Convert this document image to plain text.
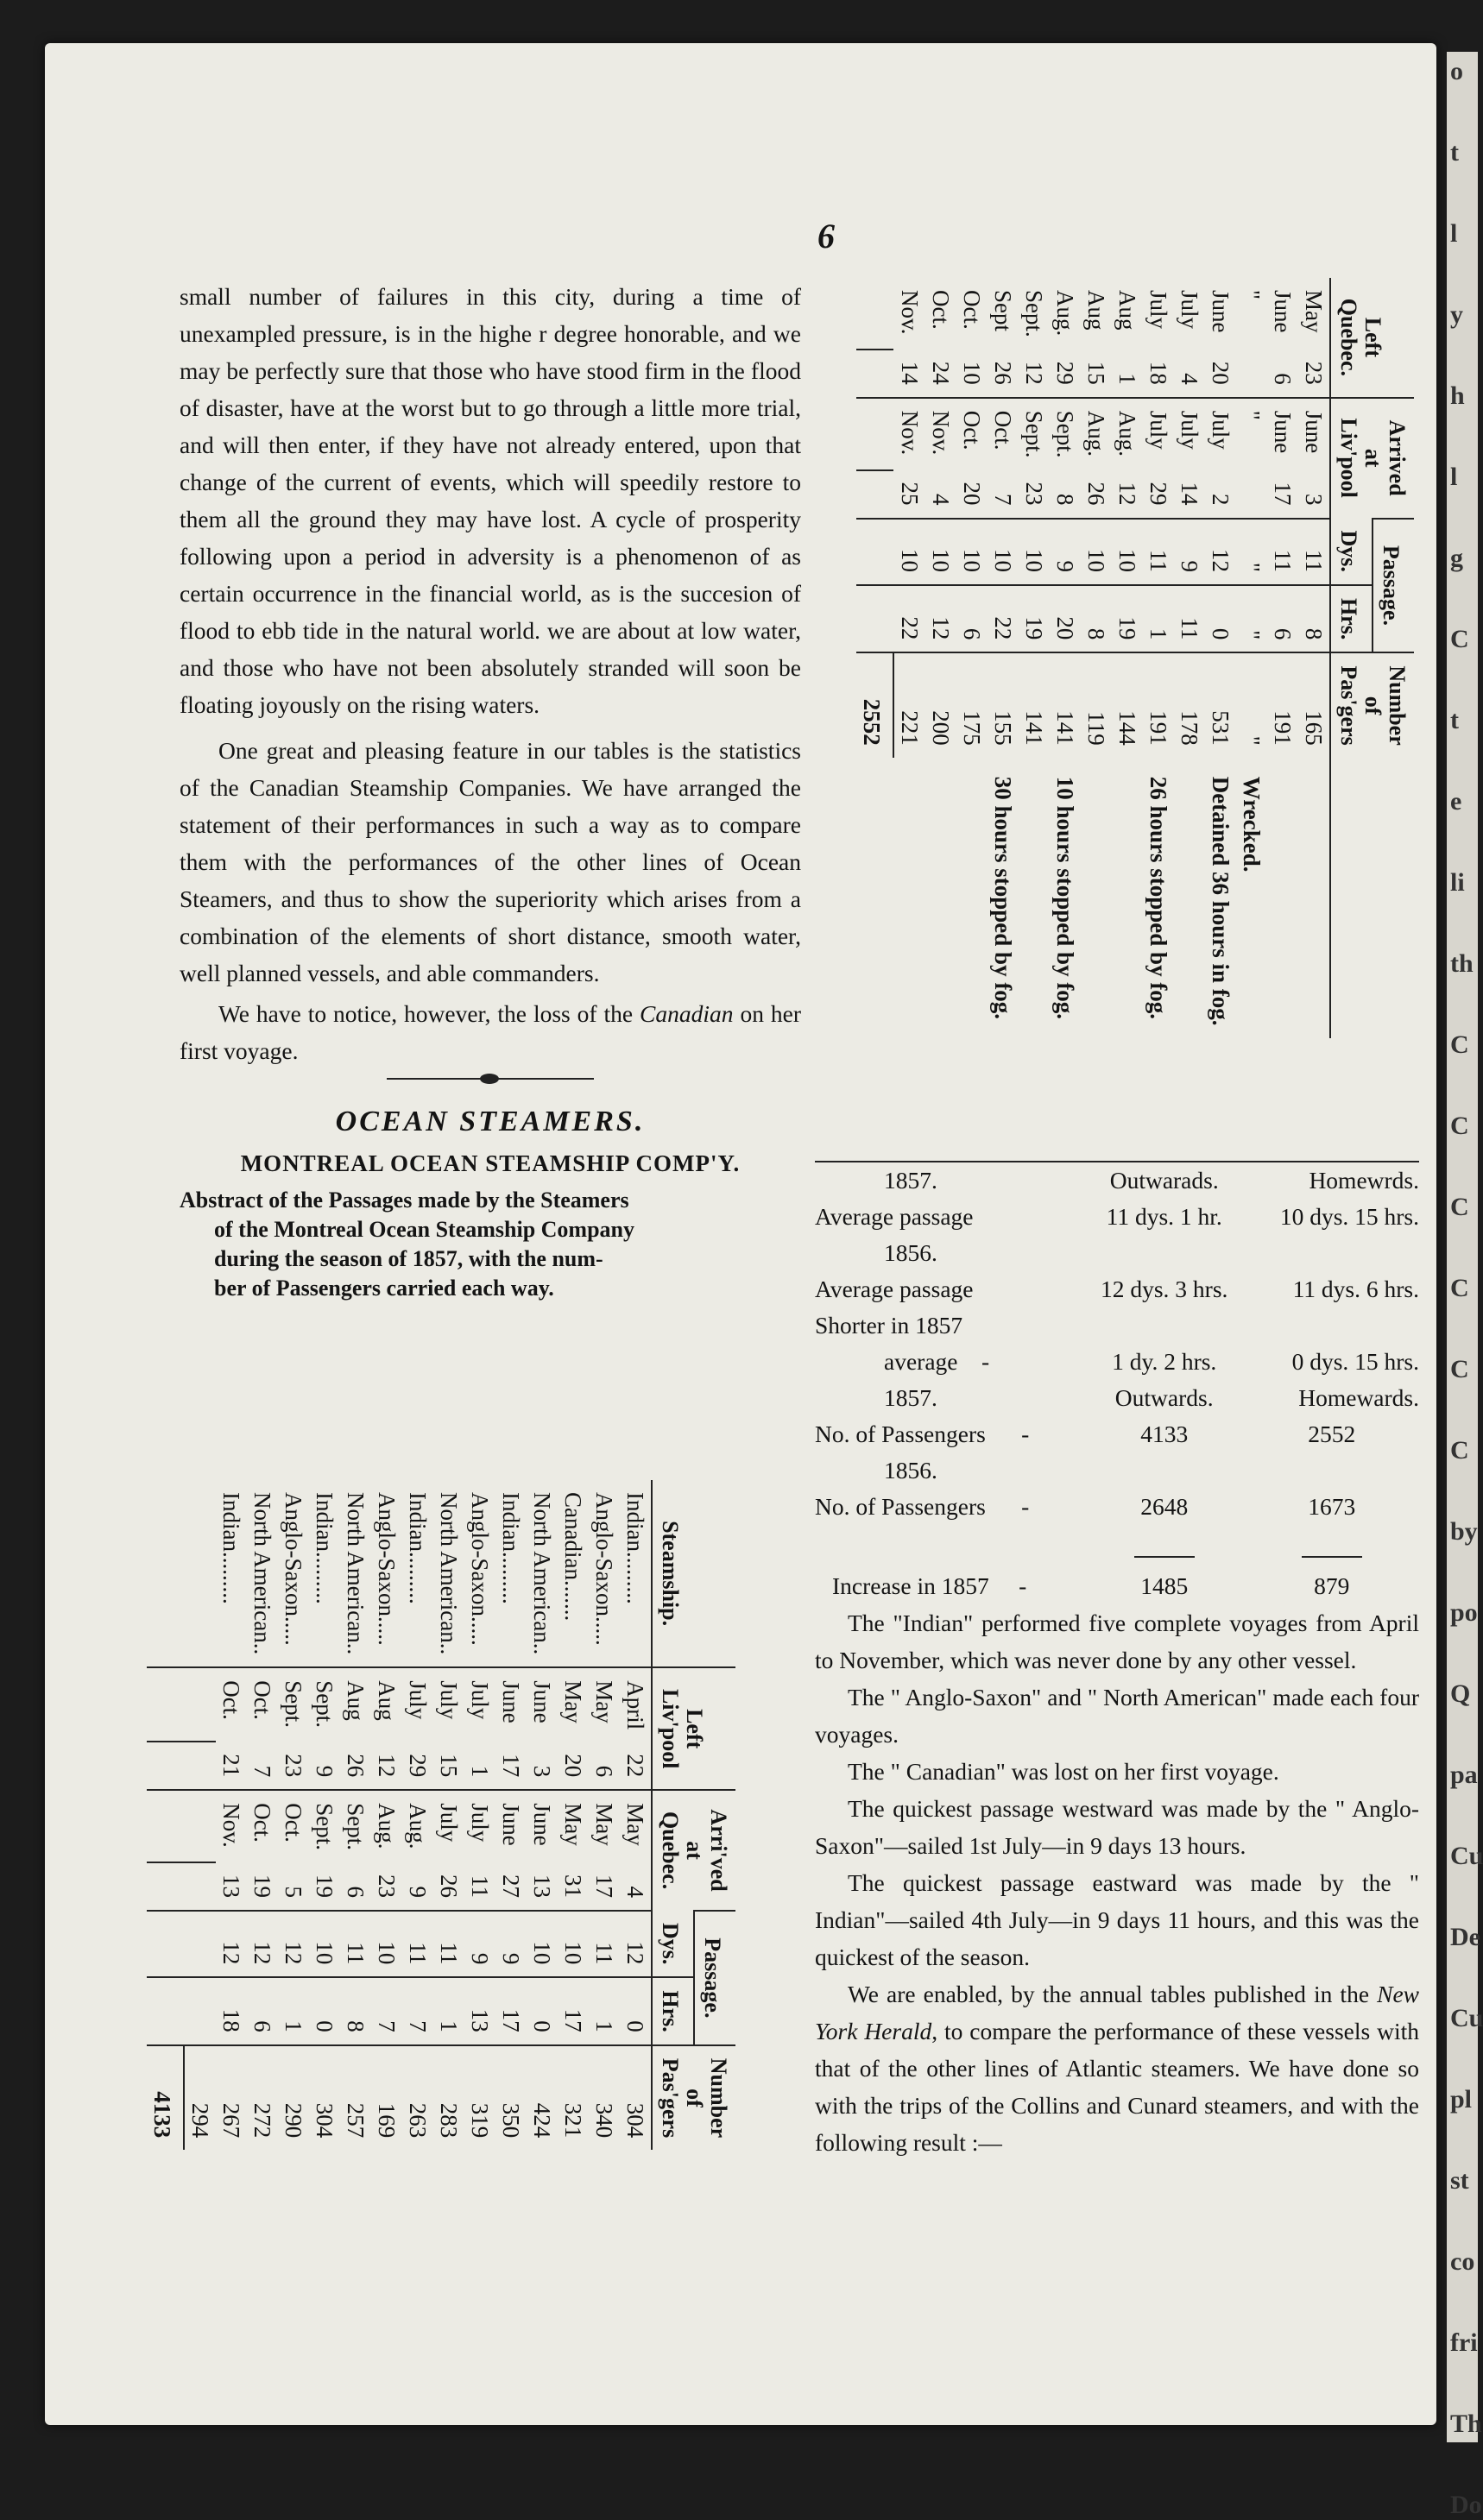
6

small number of failures in this city, during a time of unexampled pressure, is in the highe r degree honorable, and we may be perfectly sure that those who have stood firm in the flood of disaster, have at the worst but to go through a little more trial, and will then enter, if they have not already entered, upon that change of the current of events, which will speedily restore to them all the ground they may have lost. A cycle of prosperity following upon a period in adversity is a phenomenon of as certain occurrence in the financial world, as is the succesion of flood to ebb tide in the natural world. we are about at low water, and those who have not been absolutely stranded will soon be floating joyously on the rising waters.

One great and pleasing feature in our tables is the statistics of the Canadian Steamship Companies. We have arranged the statement of their performances in such a way as to compare them with the performances of the other lines of Ocean Steamers, and thus to show the superiority which arises from a combination of the elements of short distance, smooth water, well planned vessels, and able commanders.

We have to notice, however, the loss of the Canadian on her first voyage.

OCEAN STEAMERS.
MONTREAL OCEAN STEAMSHIP COMP'Y.
Abstract of the Passages made by the Steamers
of the Montreal Ocean Steamship Company
during the season of 1857, with the num-
ber of Passengers carried each way.
Steamship.	Left Liv'pool		Arri'ved at Quebec.		Passage.		Number of Pas'gers
					Dys.	Hrs.	
Indian.........	April	22	May	4	12	0	304
Anglo-Saxon.....	May	6	May	17	11	1	340
Canadian.......	May	20	May	31	10	17	321
North American..	June	3	June	13	10	0	424
Indian.........	June	17	June	27	9	17	350
Anglo-Saxon.....	July	1	July	11	9	13	319
North American..	July	15	July	26	11	1	283
Indian.........	July	29	Aug.	9	11	7	263
Anglo-Saxon.....	Aug	12	Aug.	23	10	7	169
North American..	Aug	26	Sept.	6	11	8	257
Indian.........	Sept.	9	Sept.	19	10	0	304
Anglo-Saxon.....	Sept.	23	Oct.	5	12	1	290
North American..	Oct.	7	Oct.	19	12	6	272
Indian.........	Oct.	21	Nov.	13	12	18	267
							294
							4133
Left Quebec.		Arrived at Liv'pool		Passage.		Number of Pas'gers	
				Dys.	Hrs.		
May	23	June	3	11	8	165	
June	6	June	17	11	6	191	
"		"		"	"	"	Wrecked.
June	20	July	2	12	0	531	Detained 36 hours in fog.
July	4	July	14	9	11	178	
July	18	July	29	11	1	191	26 hours stopped by fog.
Aug	1	Aug.	12	10	19	144	
Aug	15	Aug.	26	10	8	119	
Aug.	29	Sept.	8	9	20	141	10 hours stopped by fog.
Sept.	12	Sept.	23	10	19	141	
Sept	26	Oct.	7	10	22	155	30 hours stopped by fog.
Oct.	10	Oct.	20	10	6	175	
Oct.	24	Nov.	4	10	12	200	
Nov.	14	Nov.	25	10	22	221	
						2552	
1857.	Outwarads.	Homewrds.
Average passage	11 dys. 1 hr.	10 dys. 15 hrs.
1856.		
Average passage	12 dys. 3 hrs.	11 dys. 6 hrs.
Shorter in 1857		
average -	1 dy. 2 hrs.	0 dys. 15 hrs.
1857.	Outwards.	Homewards.
No. of Passengers -	4133	2552
1856.		
No. of Passengers -	2648	1673

Increase in 1857 -	1485	879

The "Indian" performed five complete voyages from April to November, which was never done by any other vessel.

The " Anglo-Saxon" and " North American" made each four voyages.

The " Canadian" was lost on her first voyage.

The quickest passage westward was made by the " Anglo-Saxon"—sailed 1st July—in 9 days 13 hours.

The quickest passage eastward was made by the " Indian"—sailed 4th July—in 9 days 11 hours, and this was the quickest of the season.

We are enabled, by the annual tables published in the New York Herald, to compare the performance of these vessels with that of the other lines of Atlantic steamers. We have done so with the trips of the Collins and Cunard steamers, and with the following result :—

o
t
l
y
h
l
g
C
t
e
li
th
C
C
C
C
C
C
by
po
Q
pa
Cu
De
Cu
pl
st
co
fri
Th
Do
